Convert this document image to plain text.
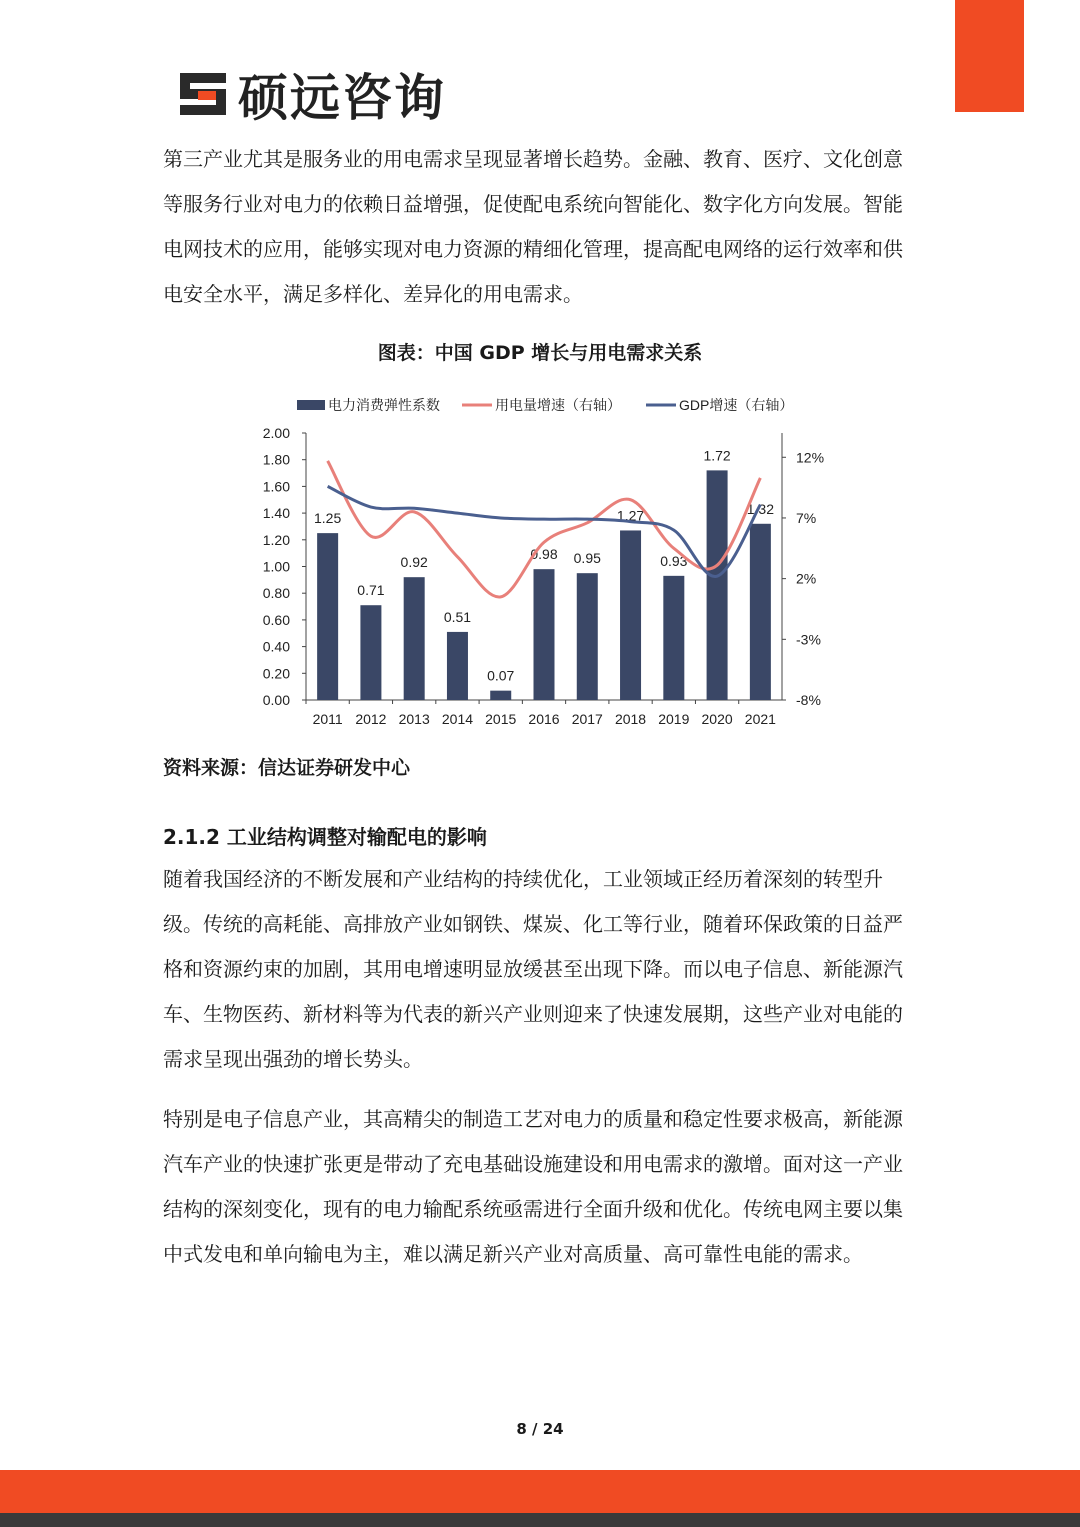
硕远咨询
第三产业尤其是服务业的用电需求呈现显著增长趋势。金融、教育、医疗、文化创意等服务行业对电力的依赖日益增强，促使配电系统向智能化、数字化方向发展。智能电网技术的应用，能够实现对电力资源的精细化管理，提高配电网络的运行效率和供电安全水平，满足多样化、差异化的用电需求。
图表：中国 GDP 增长与用电需求关系
0.00
0.20
0.40
0.60
0.80
1.00
1.20
1.40
1.60
1.80
2.00
-8%
-3%
2%
7%
12%
2011 2012 2013 2014 2015 2016 2017 2018 2019 2020 2021
1.25
0.71
0.92
0.51
0.07
0.98 0.95
1.27
0.93
1.72
1.32
电力消费弹性系数	用电量增速（右轴）	GDP增速（右轴）
资料来源：信达证券研发中心
2.1.2 工业结构调整对输配电的影响
随着我国经济的不断发展和产业结构的持续优化，工业领域正经历着深刻的转型升级。传统的高耗能、高排放产业如钢铁、煤炭、化工等行业，随着环保政策的日益严格和资源约束的加剧，其用电增速明显放缓甚至出现下降。而以电子信息、新能源汽车、生物医药、新材料等为代表的新兴产业则迎来了快速发展期，这些产业对电能的需求呈现出强劲的增长势头。
特别是电子信息产业，其高精尖的制造工艺对电力的质量和稳定性要求极高，新能源汽车产业的快速扩张更是带动了充电基础设施建设和用电需求的激增。面对这一产业结构的深刻变化，现有的电力输配系统亟需进行全面升级和优化。传统电网主要以集中式发电和单向输电为主，难以满足新兴产业对高质量、高可靠性电能的需求。
8 / 24
